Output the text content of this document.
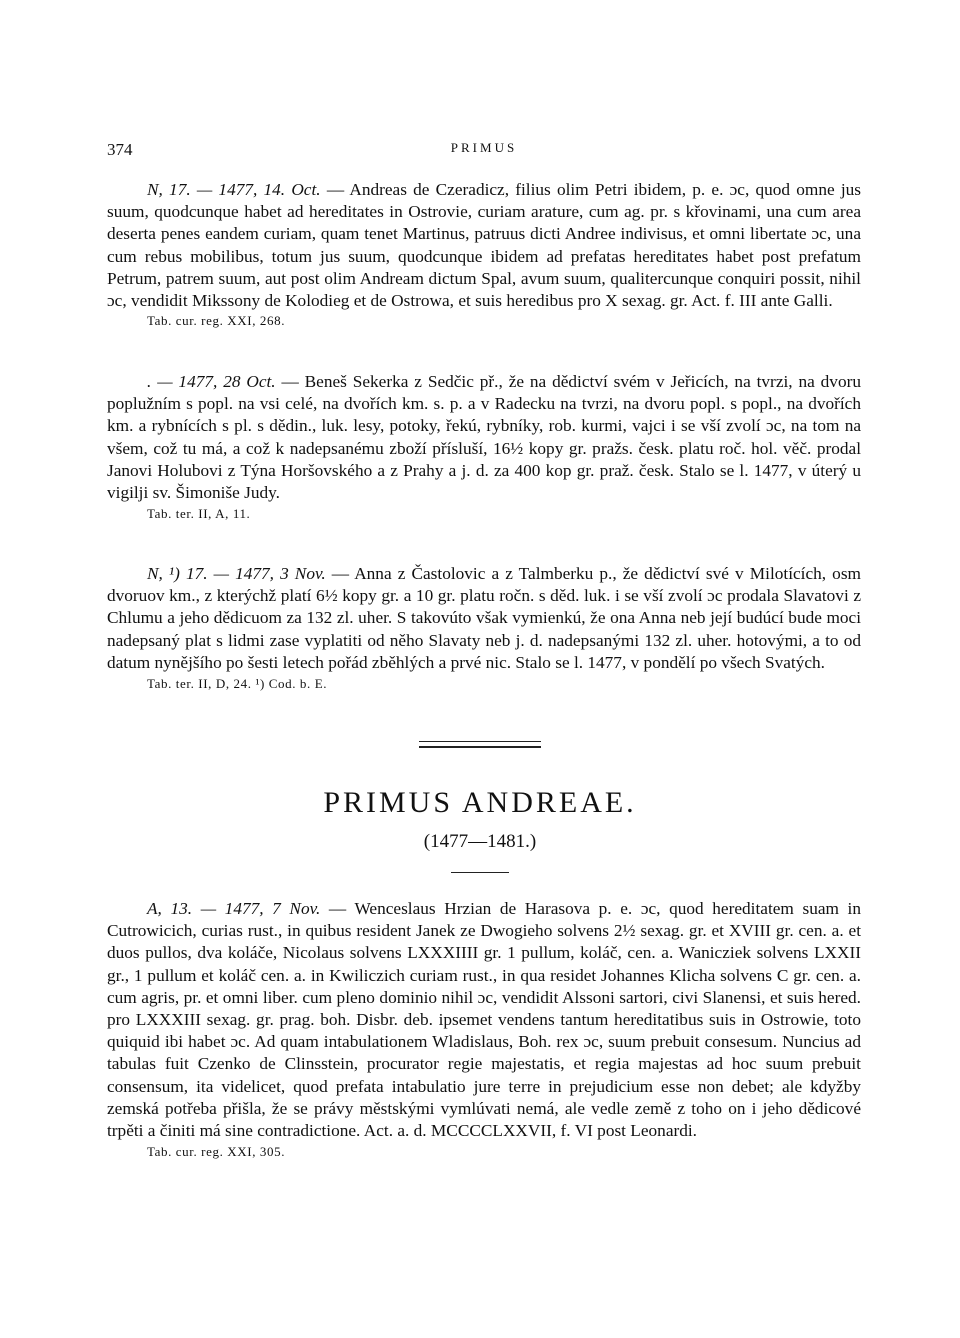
374	PRIMUS

N, 17. — 1477, 14. Oct. — Andreas de Czeradicz, filius olim Petri ibidem, p. e. ɔc, quod omne jus suum, quodcunque habet ad hereditates in Ostrovie, curiam arature, cum ag. pr. s křovinami, una cum area deserta penes eandem curiam, quam tenet Martinus, patruus dicti Andree indivisus, et omni libertate ɔc, una cum rebus mobilibus, totum jus suum, quodcunque ibidem ad prefatas hereditates habet post prefatum Petrum, patrem suum, aut post olim Andream dictum Spal, avum suum, qualitercunque conquiri possit, nihil ɔc, vendidit Mikssony de Kolodieg et de Ostrowa, et suis heredibus pro X sexag. gr. Act. f. III ante Galli.

Tab. cur. reg. XXI, 268.

. — 1477, 28 Oct. — Beneš Sekerka z Sedčic př., že na dědictví svém v Jeřicích, na tvrzi, na dvoru poplužním s popl. na vsi celé, na dvořích km. s. p. a v Radecku na tvrzi, na dvoru popl. s popl., na dvořích km. a rybnících s pl. s dědin., luk. lesy, potoky, řekú, rybníky, rob. kurmi, vajci i se vší zvolí ɔc, na tom na všem, což tu má, a což k nadepsanému zboží přísluší, 16½ kopy gr. pražs. česk. platu roč. hol. věč. prodal Janovi Holubovi z Týna Horšovského a z Prahy a j. d. za 400 kop gr. praž. česk. Stalo se l. 1477, v úterý u vigilji sv. Šimoniše Judy.

Tab. ter. II, A, 11.

N, ¹) 17. — 1477, 3 Nov. — Anna z Častolovic a z Talmberku p., že dědictví své v Milotících, osm dvoruov km., z kterýchž platí 6½ kopy gr. a 10 gr. platu ročn. s děd. luk. i se vší zvolí ɔc prodala Slavatovi z Chlumu a jeho dědicuom za 132 zl. uher. S takovúto však vymienkú, že ona Anna neb její budúcí bude moci nadepsaný plat s lidmi zase vyplatiti od něho Slavaty neb j. d. nadepsanými 132 zl. uher. hotovými, a to od datum nynějšího po šesti letech pořád zběhlých a prvé nic. Stalo se l. 1477, v pondělí po všech Svatých.

Tab. ter. II, D, 24. ¹) Cod. b. E.
PRIMUS ANDREAE.
(1477—1481.)

A, 13. — 1477, 7 Nov. — Wenceslaus Hrzian de Harasova p. e. ɔc, quod hereditatem suam in Cutrowicich, curias rust., in quibus resident Janek ze Dwogieho solvens 2½ sexag. gr. et XVIII gr. cen. a. et duos pullos, dva koláče, Nicolaus solvens LXXXIIII gr. 1 pullum, koláč, cen. a. Wanicziek solvens LXXII gr., 1 pullum et koláč cen. a. in Kwiliczich curiam rust., in qua residet Johannes Klicha solvens C gr. cen. a. cum agris, pr. et omni liber. cum pleno dominio nihil ɔc, vendidit Alssoni sartori, civi Slanensi, et suis hered. pro LXXXIII sexag. gr. prag. boh. Disbr. deb. ipsemet vendens tantum hereditatibus suis in Ostrowie, toto quiquid ibi habet ɔc. Ad quam intabulationem Wladislaus, Boh. rex ɔc, suum prebuit consesum. Nuncius ad tabulas fuit Czenko de Clinsstein, procurator regie majestatis, et regia majestas ad hoc suum prebuit consensum, ita videlicet, quod prefata intabulatio jure terre in prejudicium esse non debet; ale kdyžby zemská potřeba přišla, že se právy městskými vymlúvati nemá, ale vedle země z toho on i jeho dědicové trpěti a činiti má sine contradictione. Act. a. d. MCCCCLXXVII, f. VI post Leonardi.

Tab. cur. reg. XXI, 305.
